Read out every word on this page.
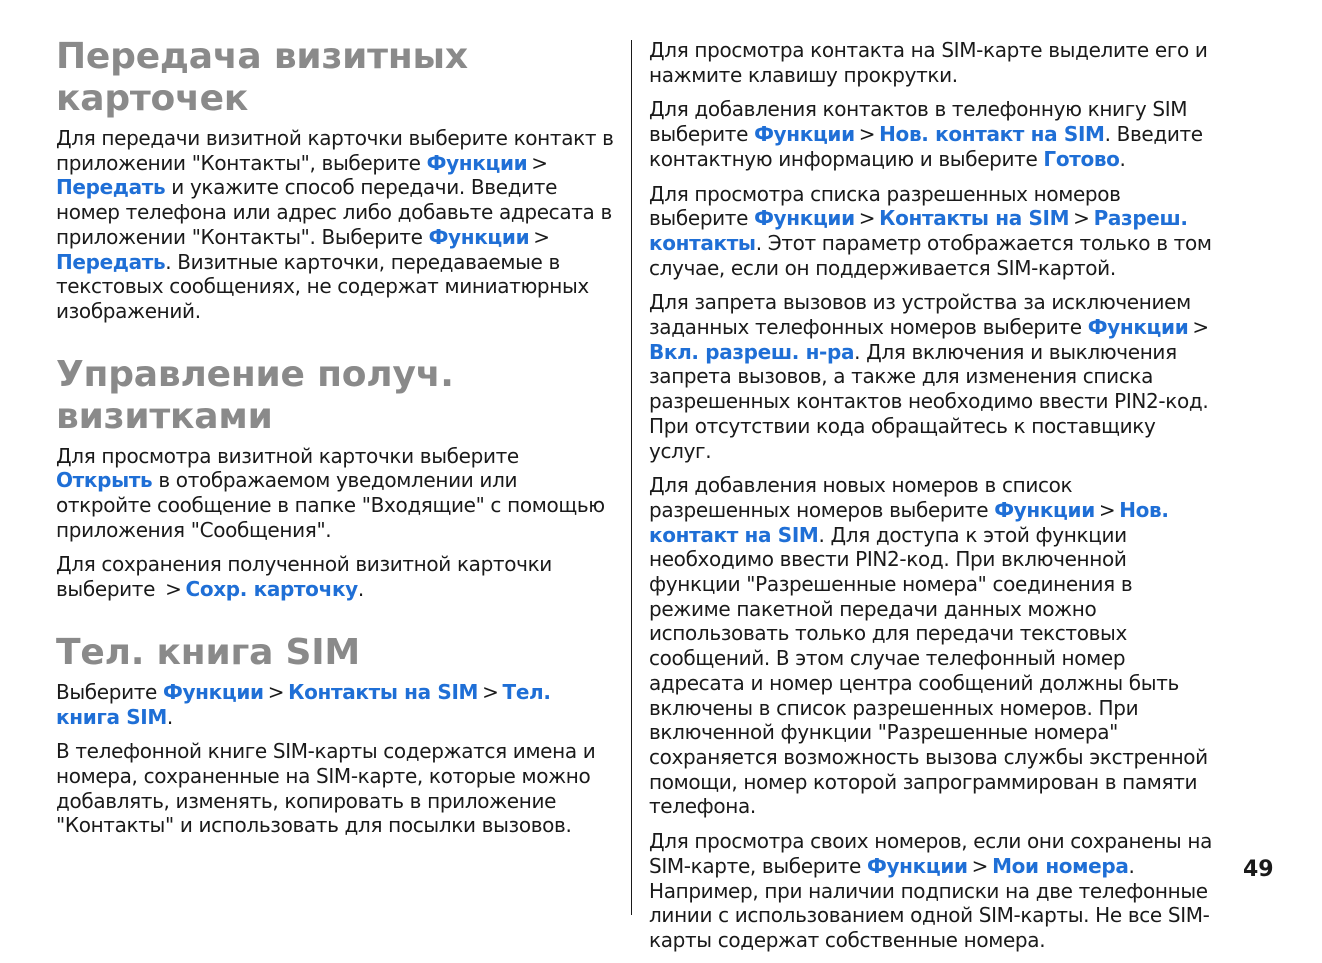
Передача визитных карточек

Для передачи визитной карточки выберите контакт в приложении "Контакты", выберите Функции > Передать и укажите способ передачи. Введите номер телефона или адрес либо добавьте адресата в приложении "Контакты". Выберите Функции > Передать. Визитные карточки, передаваемые в текстовых сообщениях, не содержат миниатюрных изображений.

Управление получ. визитками

Для просмотра визитной карточки выберите Открыть в отображаемом уведомлении или откройте сообщение в папке "Входящие" с помощью приложения "Сообщения".

Для сохранения полученной визитной карточки выберите > Сохр. карточку.

Тел. книга SIM

Выберите Функции > Контакты на SIM > Тел. книга SIM.

В телефонной книге SIM-карты содержатся имена и номера, сохраненные на SIM-карте, которые можно добавлять, изменять, копировать в приложение "Контакты" и использовать для посылки вызовов.

Для просмотра контакта на SIM-карте выделите его и нажмите клавишу прокрутки.

Для добавления контактов в телефонную книгу SIM выберите Функции > Нов. контакт на SIM. Введите контактную информацию и выберите Готово.

Для просмотра списка разрешенных номеров выберите Функции > Контакты на SIM > Разреш. контакты. Этот параметр отображается только в том случае, если он поддерживается SIM-картой.

Для запрета вызовов из устройства за исключением заданных телефонных номеров выберите Функции > Вкл. разреш. н-ра. Для включения и выключения запрета вызовов, а также для изменения списка разрешенных контактов необходимо ввести PIN2-код. При отсутствии кода обращайтесь к поставщику услуг.

Для добавления новых номеров в список разрешенных номеров выберите Функции > Нов. контакт на SIM. Для доступа к этой функции необходимо ввести PIN2-код. При включенной функции "Разрешенные номера" соединения в режиме пакетной передачи данных можно использовать только для передачи текстовых сообщений. В этом случае телефонный номер адресата и номер центра сообщений должны быть включены в список разрешенных номеров. При включенной функции "Разрешенные номера" сохраняется возможность вызова службы экстренной помощи, номер которой запрограммирован в памяти телефона.

Для просмотра своих номеров, если они сохранены на SIM-карте, выберите Функции > Мои номера. Например, при наличии подписки на две телефонные линии с использованием одной SIM-карты. Не все SIM-карты содержат собственные номера.

49
